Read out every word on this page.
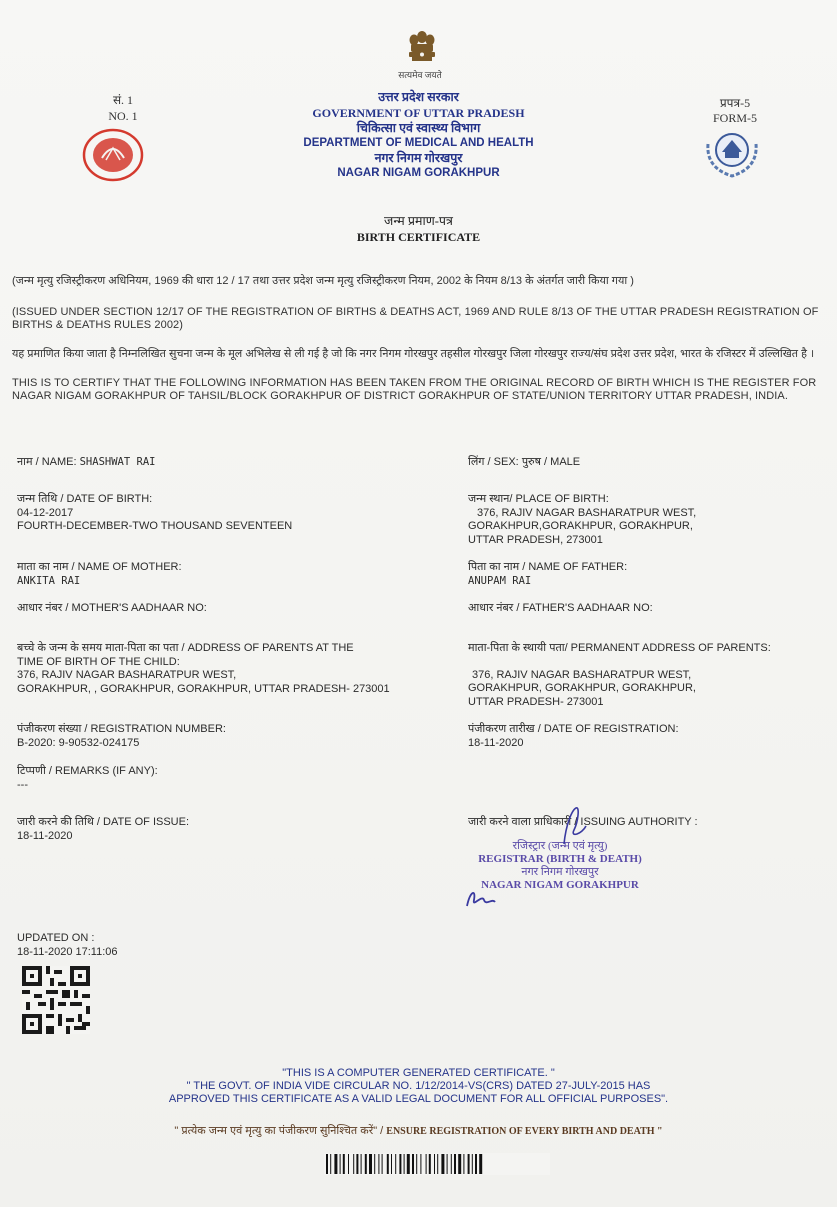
सत्यमेव जयते
सं. 1
NO. 1
उत्तर प्रदेश सरकार
GOVERNMENT OF UTTAR PRADESH
चिकित्सा एवं स्वास्थ्य विभाग
DEPARTMENT OF MEDICAL AND HEALTH
नगर निगम गोरखपुर
NAGAR NIGAM GORAKHPUR
प्रपत्र-5
FORM-5
जन्म प्रमाण-पत्र
BIRTH CERTIFICATE
(जन्म मृत्यु रजिस्ट्रीकरण अधिनियम, 1969 की धारा 12 / 17 तथा उत्तर प्रदेश जन्म मृत्यु रजिस्ट्रीकरण नियम, 2002 के नियम 8/13 के अंतर्गत जारी किया गया )
(ISSUED UNDER SECTION 12/17 OF THE REGISTRATION OF BIRTHS & DEATHS ACT, 1969 AND RULE 8/13 OF THE UTTAR PRADESH REGISTRATION OF BIRTHS & DEATHS RULES 2002)
यह प्रमाणित किया जाता है निम्नलिखित सुचना जन्म के मूल अभिलेख से ली गई है जो कि नगर निगम गोरखपुर तहसील गोरखपुर जिला गोरखपुर राज्य/संघ प्रदेश उत्तर प्रदेश, भारत के रजिस्टर में उल्लिखित है ।
THIS IS TO CERTIFY THAT THE FOLLOWING INFORMATION HAS BEEN TAKEN FROM THE ORIGINAL RECORD OF BIRTH WHICH IS THE REGISTER FOR NAGAR NIGAM GORAKHPUR OF TAHSIL/BLOCK GORAKHPUR OF DISTRICT GORAKHPUR OF STATE/UNION TERRITORY UTTAR PRADESH, INDIA.
नाम / NAME: SHASHWAT RAI	लिंग / SEX: पुरुष / MALE
जन्म तिथि / DATE OF BIRTH:
04-12-2017
FOURTH-DECEMBER-TWO THOUSAND SEVENTEEN
जन्म स्थान/ PLACE OF BIRTH:
376, RAJIV NAGAR BASHARATPUR WEST,
GORAKHPUR,GORAKHPUR, GORAKHPUR,
UTTAR PRADESH, 273001
माता का नाम / NAME OF MOTHER:
ANKITA RAI
पिता का नाम / NAME OF FATHER:
ANUPAM RAI
आधार नंबर / MOTHER'S AADHAAR NO:	आधार नंबर / FATHER'S AADHAAR NO:
बच्चे के जन्म के समय माता-पिता का पता / ADDRESS OF PARENTS AT THE
TIME OF BIRTH OF THE CHILD:
376, RAJIV NAGAR BASHARATPUR WEST,
GORAKHPUR, , GORAKHPUR, GORAKHPUR, UTTAR PRADESH- 273001
माता-पिता के स्थायी पता/ PERMANENT ADDRESS OF PARENTS:
376, RAJIV NAGAR BASHARATPUR WEST,
GORAKHPUR, GORAKHPUR, GORAKHPUR,
UTTAR PRADESH- 273001
पंजीकरण संख्या / REGISTRATION NUMBER:
B-2020: 9-90532-024175
पंजीकरण तारीख / DATE OF REGISTRATION:
18-11-2020
टिप्पणी / REMARKS (IF ANY):
---
जारी करने की तिथि / DATE OF ISSUE:
18-11-2020
जारी करने वाला प्राधिकारी / ISSUING AUTHORITY :
रजिस्ट्रार (जन्म एवं मृत्यु)
REGISTRAR (BIRTH & DEATH)
नगर निगम गोरखपुर
NAGAR NIGAM GORAKHPUR
UPDATED ON :
18-11-2020 17:11:06
"THIS IS A COMPUTER GENERATED CERTIFICATE. "
" THE GOVT. OF INDIA VIDE CIRCULAR NO. 1/12/2014-VS(CRS) DATED 27-JULY-2015 HAS
APPROVED THIS CERTIFICATE AS A VALID LEGAL DOCUMENT FOR ALL OFFICIAL PURPOSES".
" प्रत्येक जन्म एवं मृत्यु का पंजीकरण सुनिश्चित करें" / ENSURE REGISTRATION OF EVERY BIRTH AND DEATH "
